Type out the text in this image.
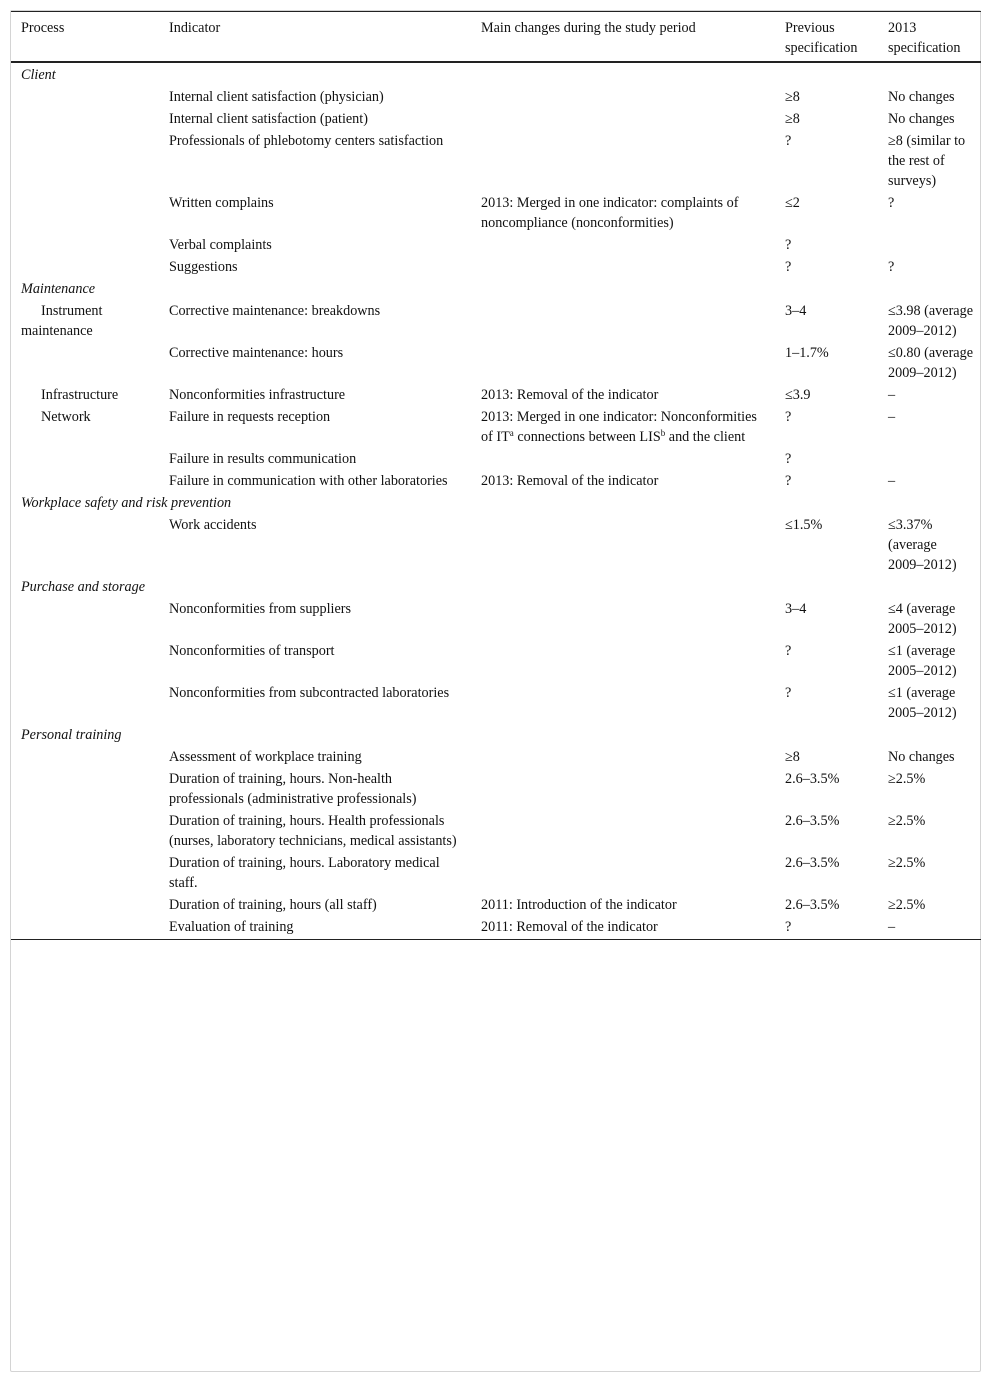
Process	Indicator	Main changes during the study period	Previous specification	2013 specification
Client				
	Internal client satisfaction (physician)		≥8	No changes
	Internal client satisfaction (patient)		≥8	No changes
	Professionals of phlebotomy centers satisfaction		?	≥8 (similar to the rest of surveys)
	Written complains	2013: Merged in one indicator: complaints of noncompliance (nonconformities)	≤2	?
	Verbal complaints		?	
	Suggestions		?	?
Maintenance				
Instrument maintenance	Corrective maintenance: breakdowns		3–4	≤3.98 (average 2009–2012)
	Corrective maintenance: hours		1–1.7%	≤0.80 (average 2009–2012)
Infrastructure	Nonconformities infrastructure	2013: Removal of the indicator	≤3.9	–
Network	Failure in requests reception	2013: Merged in one indicator: Nonconformities of $IT^a$ connections between LIS$^b$ and the client	?	–
	Failure in results communication		?	
	Failure in communication with other laboratories	2013: Removal of the indicator	?	–
Workplace safety and risk prevention				
	Work accidents		≤1.5%	≤3.37% (average 2009–2012)
Purchase and storage				
	Nonconformities from suppliers		3–4	≤4 (average 2005–2012)
	Nonconformities of transport		?	≤1 (average 2005–2012)
	Nonconformities from subcontracted laboratories		?	≤1 (average 2005–2012)
Personal training				
	Assessment of workplace training		≥8	No changes
	Duration of training, hours. Non-health professionals (administrative professionals)		2.6–3.5%	≥2.5%
	Duration of training, hours. Health professionals (nurses, laboratory technicians, medical assistants)		2.6–3.5%	≥2.5%
	Duration of training, hours. Laboratory medical staff.		2.6–3.5%	≥2.5%
	Duration of training, hours (all staff)	2011: Introduction of the indicator	2.6–3.5%	≥2.5%
	Evaluation of training	2011: Removal of the indicator	?	–
